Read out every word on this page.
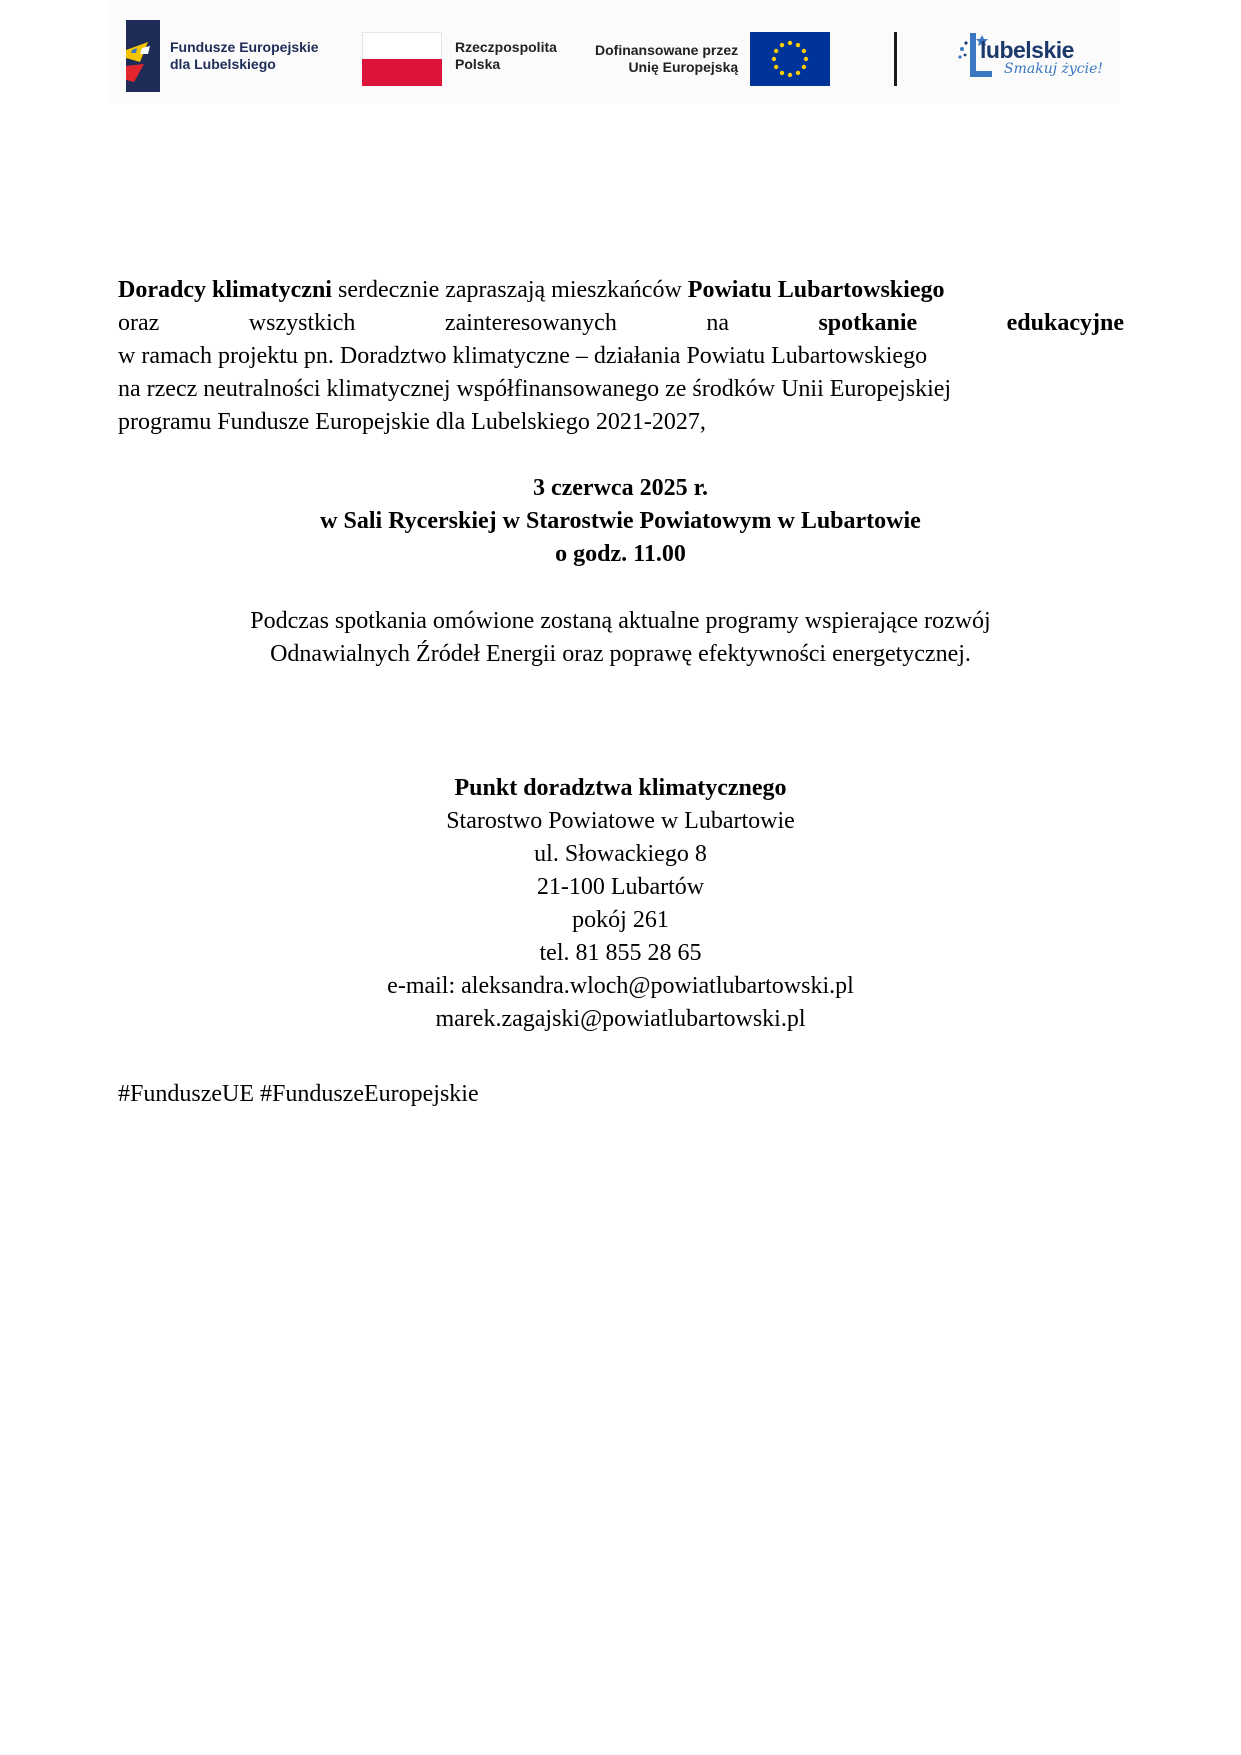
Fundusze Europejskie
dla Lubelskiego
Rzeczpospolita
Polska
Dofinansowane przez
Unię Europejską
lubelskie
Smakuj życie!
Doradcy klimatyczni serdecznie zapraszają mieszkańców Powiatu Lubartowskiego
oraz	wszystkich	zainteresowanych	na	spotkanie	edukacyjne
w ramach projektu pn. Doradztwo klimatyczne – działania Powiatu Lubartowskiego
na rzecz neutralności klimatycznej współfinansowanego ze środków Unii Europejskiej
programu Fundusze Europejskie dla Lubelskiego 2021-2027,
3 czerwca 2025 r.
w Sali Rycerskiej w Starostwie Powiatowym w Lubartowie
o godz. 11.00
Podczas spotkania omówione zostaną aktualne programy wspierające rozwój
Odnawialnych Źródeł Energii oraz poprawę efektywności energetycznej.
Punkt doradztwa klimatycznego
Starostwo Powiatowe w Lubartowie
ul. Słowackiego 8
21-100 Lubartów
pokój 261
tel. 81 855 28 65
e-mail: aleksandra.wloch@powiatlubartowski.pl
marek.zagajski@powiatlubartowski.pl
#FunduszeUE #FunduszeEuropejskie
